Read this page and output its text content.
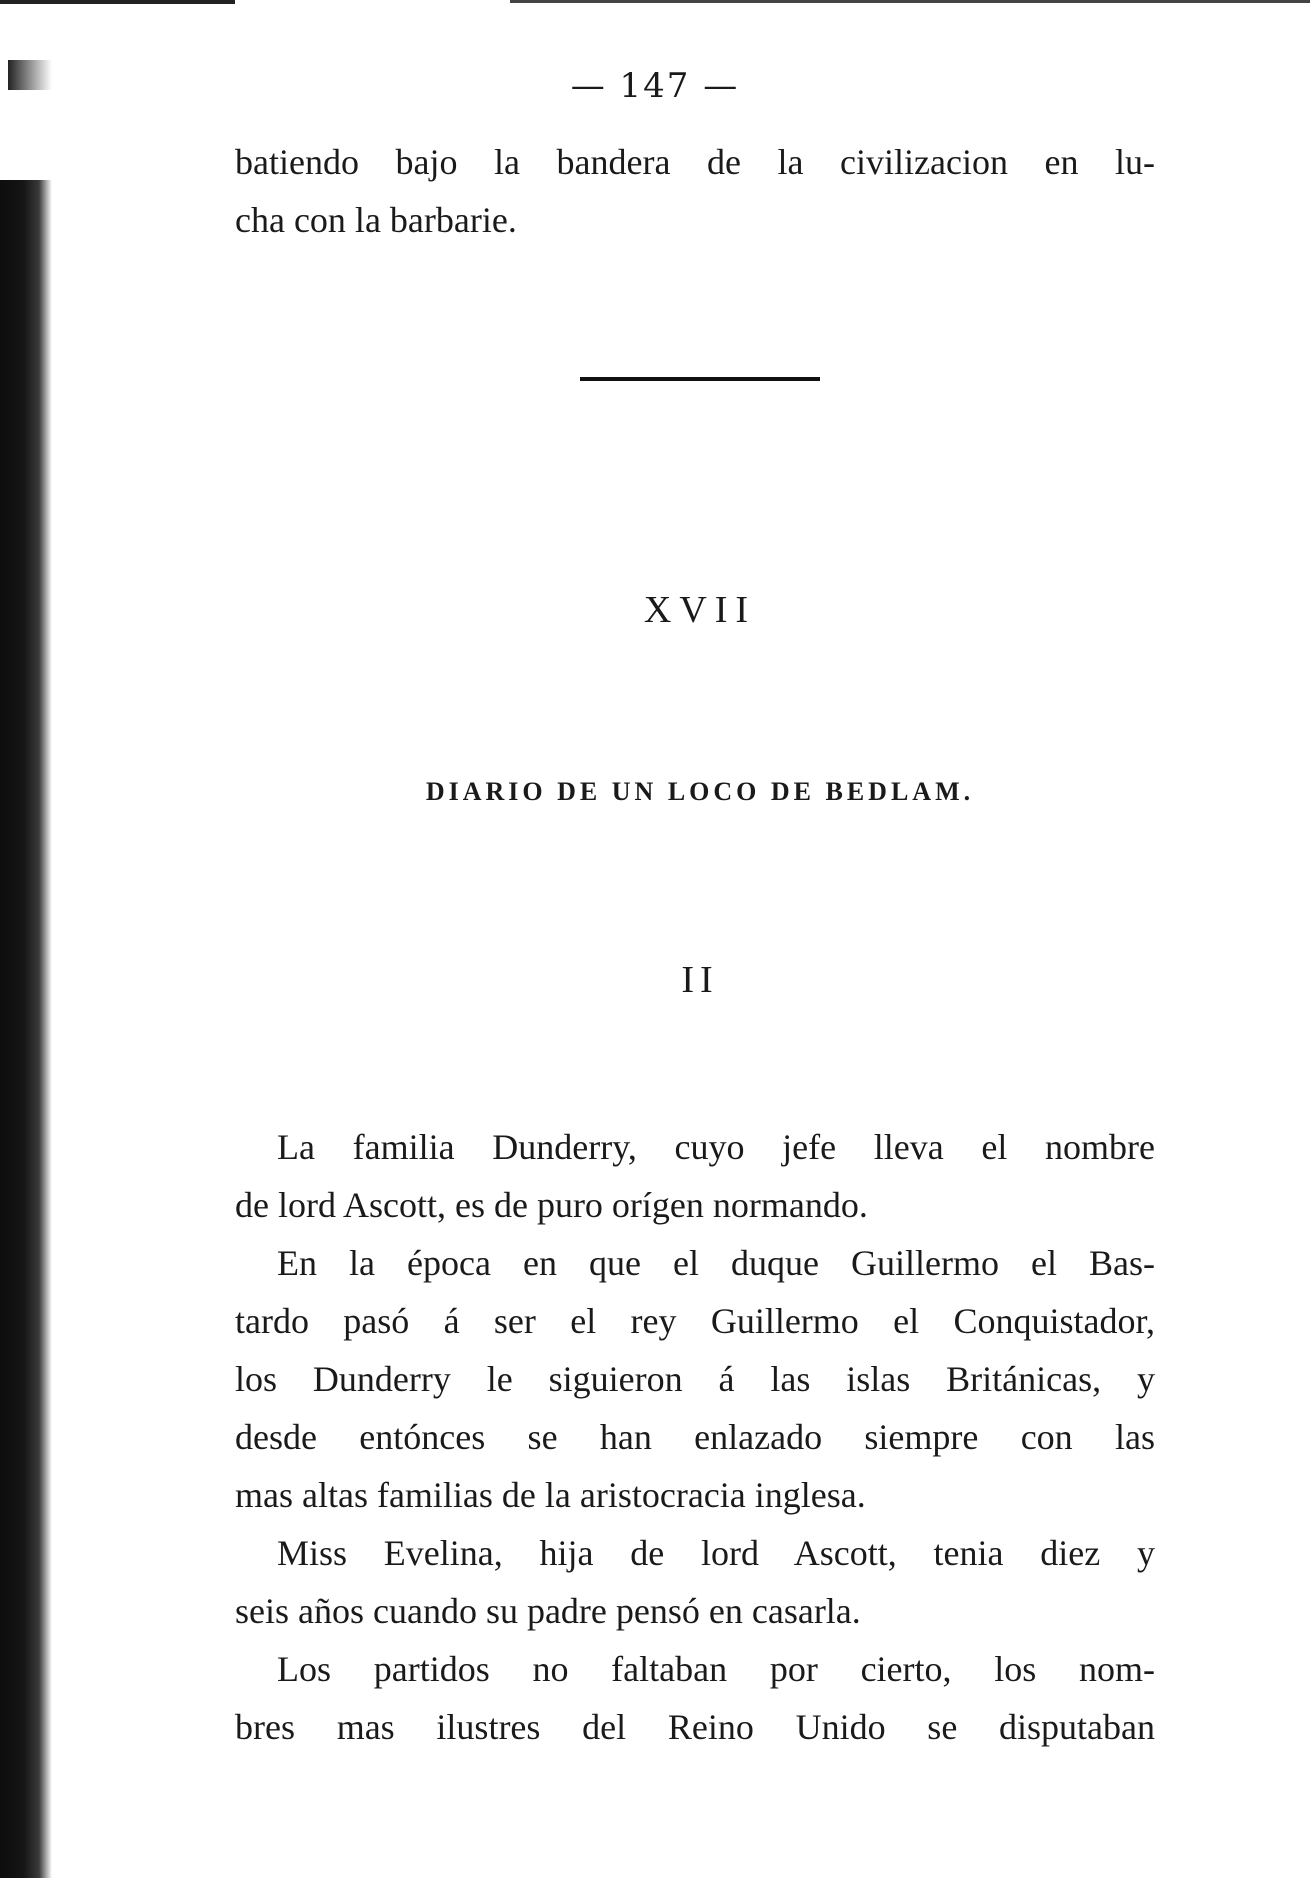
— 147 —
batiendo bajo la bandera de la civilizacion en lu-
cha con la barbarie.
XVII
DIARIO DE UN LOCO DE BEDLAM.
II
La familia Dunderry, cuyo jefe lleva el nombre
de lord Ascott, es de puro orígen normando.
En la época en que el duque Guillermo el Bas-
tardo pasó á ser el rey Guillermo el Conquistador,
los Dunderry le siguieron á las islas Británicas, y
desde entónces se han enlazado siempre con las
mas altas familias de la aristocracia inglesa.
Miss Evelina, hija de lord Ascott, tenia diez y
seis años cuando su padre pensó en casarla.
Los partidos no faltaban por cierto, los nom-
bres mas ilustres del Reino Unido se disputaban
